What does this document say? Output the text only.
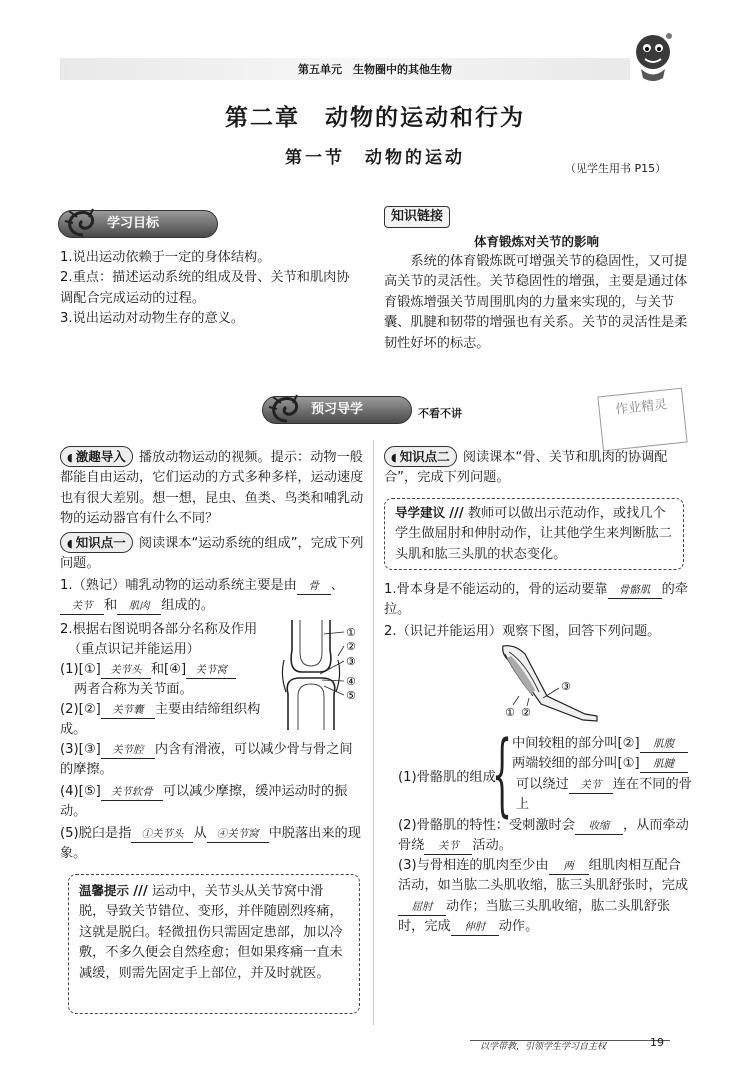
第五单元　生物圈中的其他生物
第二章　动物的运动和行为
第一节　动物的运动
（见学生用书 P15）
学习目标
1.说出运动依赖于一定的身体结构。
2.重点：描述运动系统的组成及骨、关节和肌肉协调配合完成运动的过程。
3.说出运动对动物生存的意义。
知识链接
体育锻炼对关节的影响
系统的体育锻炼既可增强关节的稳固性，又可提高关节的灵活性。关节稳固性的增强，主要是通过体育锻炼增强关节周围肌肉的力量来实现的，与关节囊、肌腱和韧带的增强也有关系。关节的灵活性是柔韧性好坏的标志。
预习导学	不看不讲	作业精灵
◖ 激趣导入 播放动物运动的视频。提示：动物一般都能自由运动，它们运动的方式多种多样，运动速度也有很大差别。想一想，昆虫、鱼类、鸟类和哺乳动物的运动器官有什么不同？
◖ 知识点一 阅读课本“运动系统的组成”，完成下列问题。
1.（熟记）哺乳动物的运动系统主要是由 骨 、关节 和 肌肉 组成的。
2.根据右图说明各部分名称及作用
（重点识记并能运用）
①
②
③
④
⑤
(1)[①] 关节头 和[④] 关节窝
两者合称为关节面。
(2)[②] 关节囊 主要由结缔组织构成。
(3)[③] 关节腔 内含有滑液，可以减少骨与骨之间的摩擦。
(4)[⑤] 关节软骨 可以减少摩擦，缓冲运动时的振动。
(5)脱臼是指 ①关节头 从 ④关节窝 中脱落出来的现象。
温馨提示 /// 运动中，关节头从关节窝中滑脱，导致关节错位、变形，并伴随剧烈疼痛，这就是脱臼。轻微扭伤只需固定患部，加以冷敷，不多久便会自然痊愈；但如果疼痛一直未减缓，则需先固定手上部位，并及时就医。
◖ 知识点二 阅读课本“骨、关节和肌肉的协调配合”，完成下列问题。
导学建议 /// 教师可以做出示范动作，或找几个学生做屈肘和伸肘动作，让其他学生来判断肱二头肌和肱三头肌的状态变化。
1.骨本身是不能运动的，骨的运动要靠 骨骼肌 的牵拉。
2.（识记并能运用）观察下图，回答下列问题。
③
① ②
(1)骨骼肌的组成
{ 中间较粗的部分叫[②] 肌腹
两端较细的部分叫[①] 肌腱
可以绕过 关节 连在不同的骨上
(2)骨骼肌的特性：受刺激时会 收缩 ，从而牵动骨绕 关节 活动。
(3)与骨相连的肌肉至少由 两 组肌肉相互配合活动，如当肱二头肌收缩，肱三头肌舒张时，完成屈肘 动作；当肱三头肌收缩，肱二头肌舒张时，完成 伸肘 动作。
以学带教，引领学生学习自主权	19
